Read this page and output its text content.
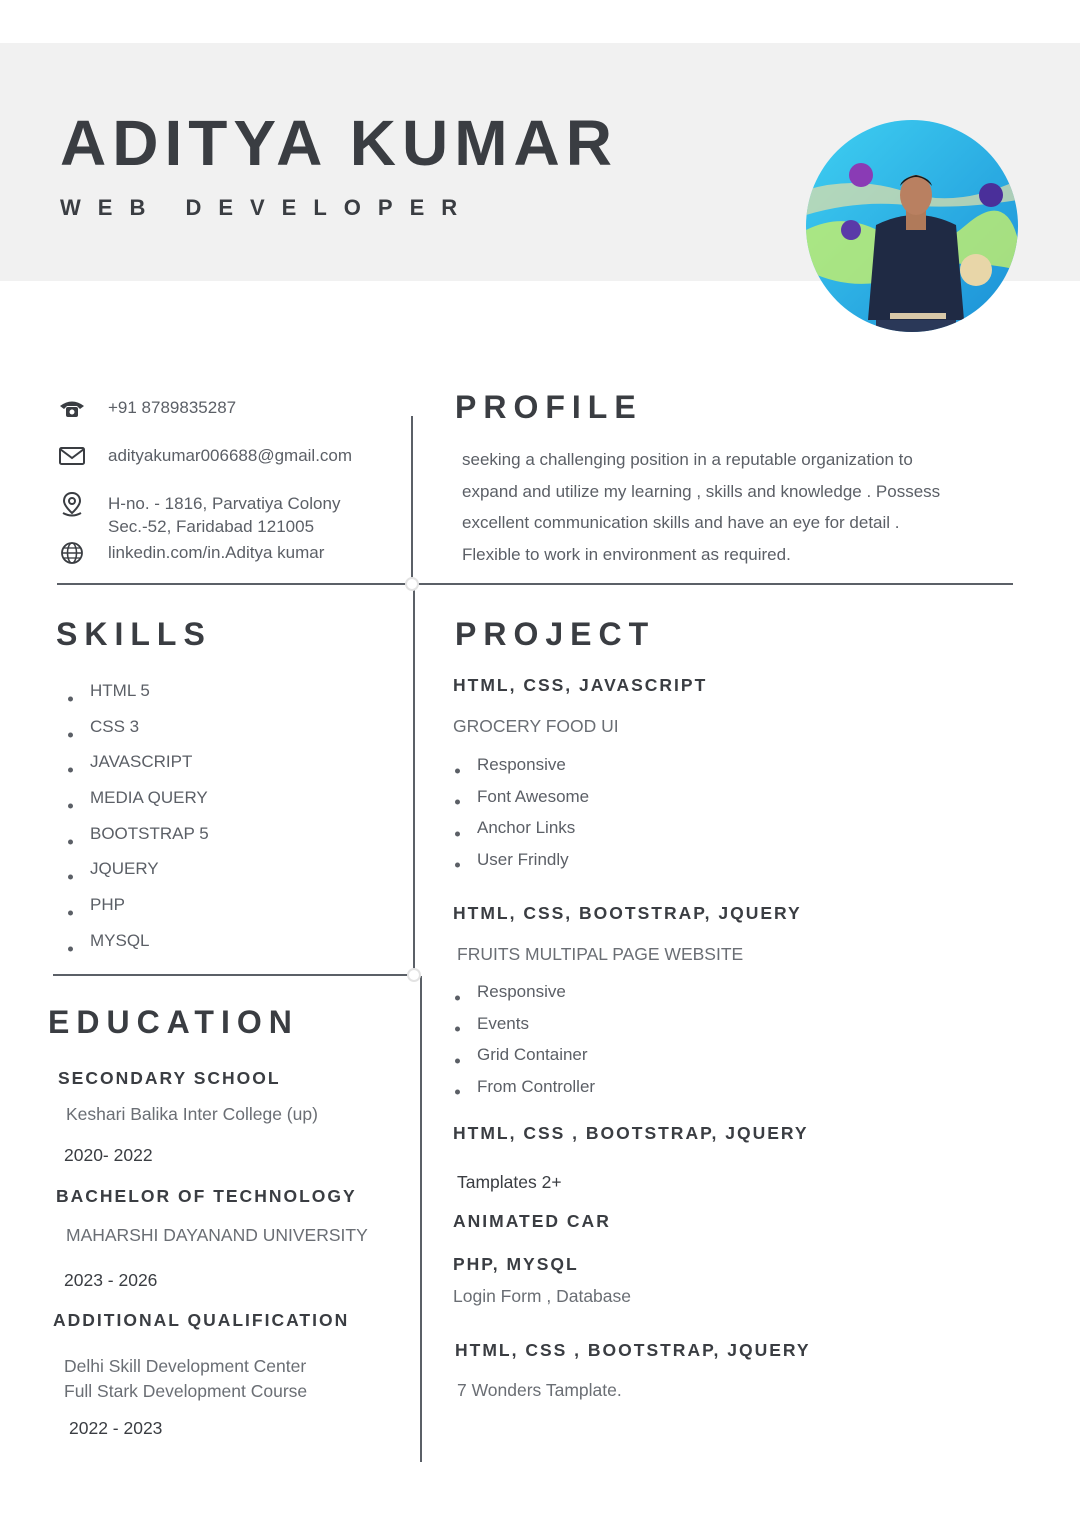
ADITYA KUMAR
WEB DEVELOPER
+91 8789835287
adityakumar006688@gmail.com
H-no. - 1816, Parvatiya Colony
Sec.-52, Faridabad 121005
linkedin.com/in.Aditya kumar
PROFILE
seeking a challenging position in a reputable organization to
expand and utilize my learning , skills and knowledge . Possess
excellent communication skills and have an eye for detail .
Flexible to work in environment as required.
SKILLS
HTML 5
CSS 3
JAVASCRIPT
MEDIA QUERY
BOOTSTRAP 5
JQUERY
PHP
MYSQL
EDUCATION
SECONDARY SCHOOL
Keshari Balika Inter College (up)
2020- 2022
BACHELOR OF TECHNOLOGY
MAHARSHI DAYANAND UNIVERSITY
2023 - 2026
ADDITIONAL QUALIFICATION
Delhi Skill Development Center
Full Stark Development Course
2022 - 2023
PROJECT
HTML, CSS, JAVASCRIPT
GROCERY FOOD UI
Responsive
Font Awesome
Anchor Links
User Frindly
HTML, CSS, BOOTSTRAP, JQUERY
FRUITS MULTIPAL PAGE WEBSITE
Responsive
Events
Grid Container
From Controller
HTML, CSS , BOOTSTRAP, JQUERY
Tamplates 2+
ANIMATED CAR
PHP, MYSQL
Login Form , Database
HTML, CSS , BOOTSTRAP, JQUERY
7 Wonders Tamplate.
